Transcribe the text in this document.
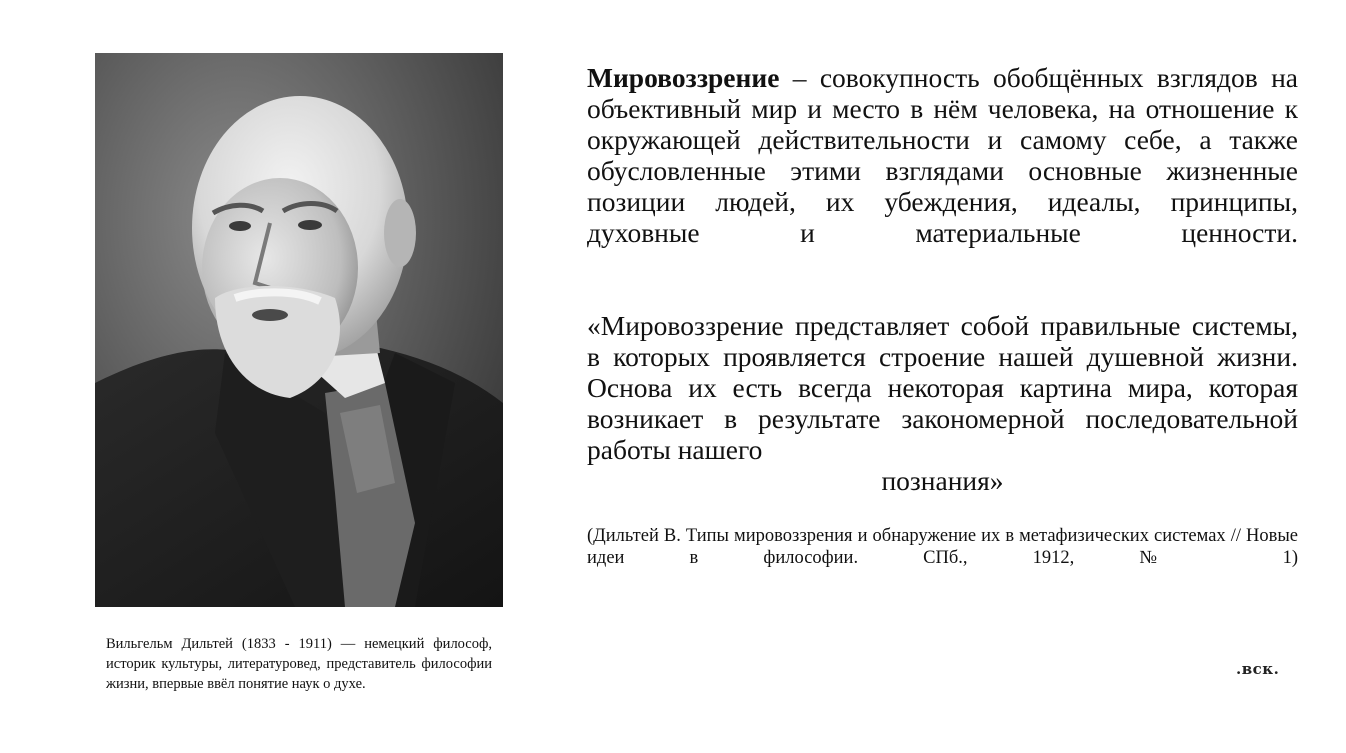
Вильгельм Дильтей (1833 - 1911) — немецкий философ, историк культуры, литературовед, представитель философии жизни, впервые ввёл понятие наук о духе.
Мировоззрение – совокупность обобщённых взглядов на объективный мир и место в нём человека, на отношение к окружающей действительности и самому себе, а также обусловленные этими взглядами основные жизненные позиции людей, их убеждения, идеалы, принципы, духовные и материальные ценности.
«Мировоззрение представляет собой правильные системы, в которых проявляется строение нашей душевной жизни. Основа их есть всегда некоторая картина мира, которая возникает в результате закономерной последовательной работы нашего
познания»
(Дильтей В. Типы мировоззрения и обнаружение их в метафизических системах // Новые идеи в философии. СПб., 1912, № 1)
.вск.
